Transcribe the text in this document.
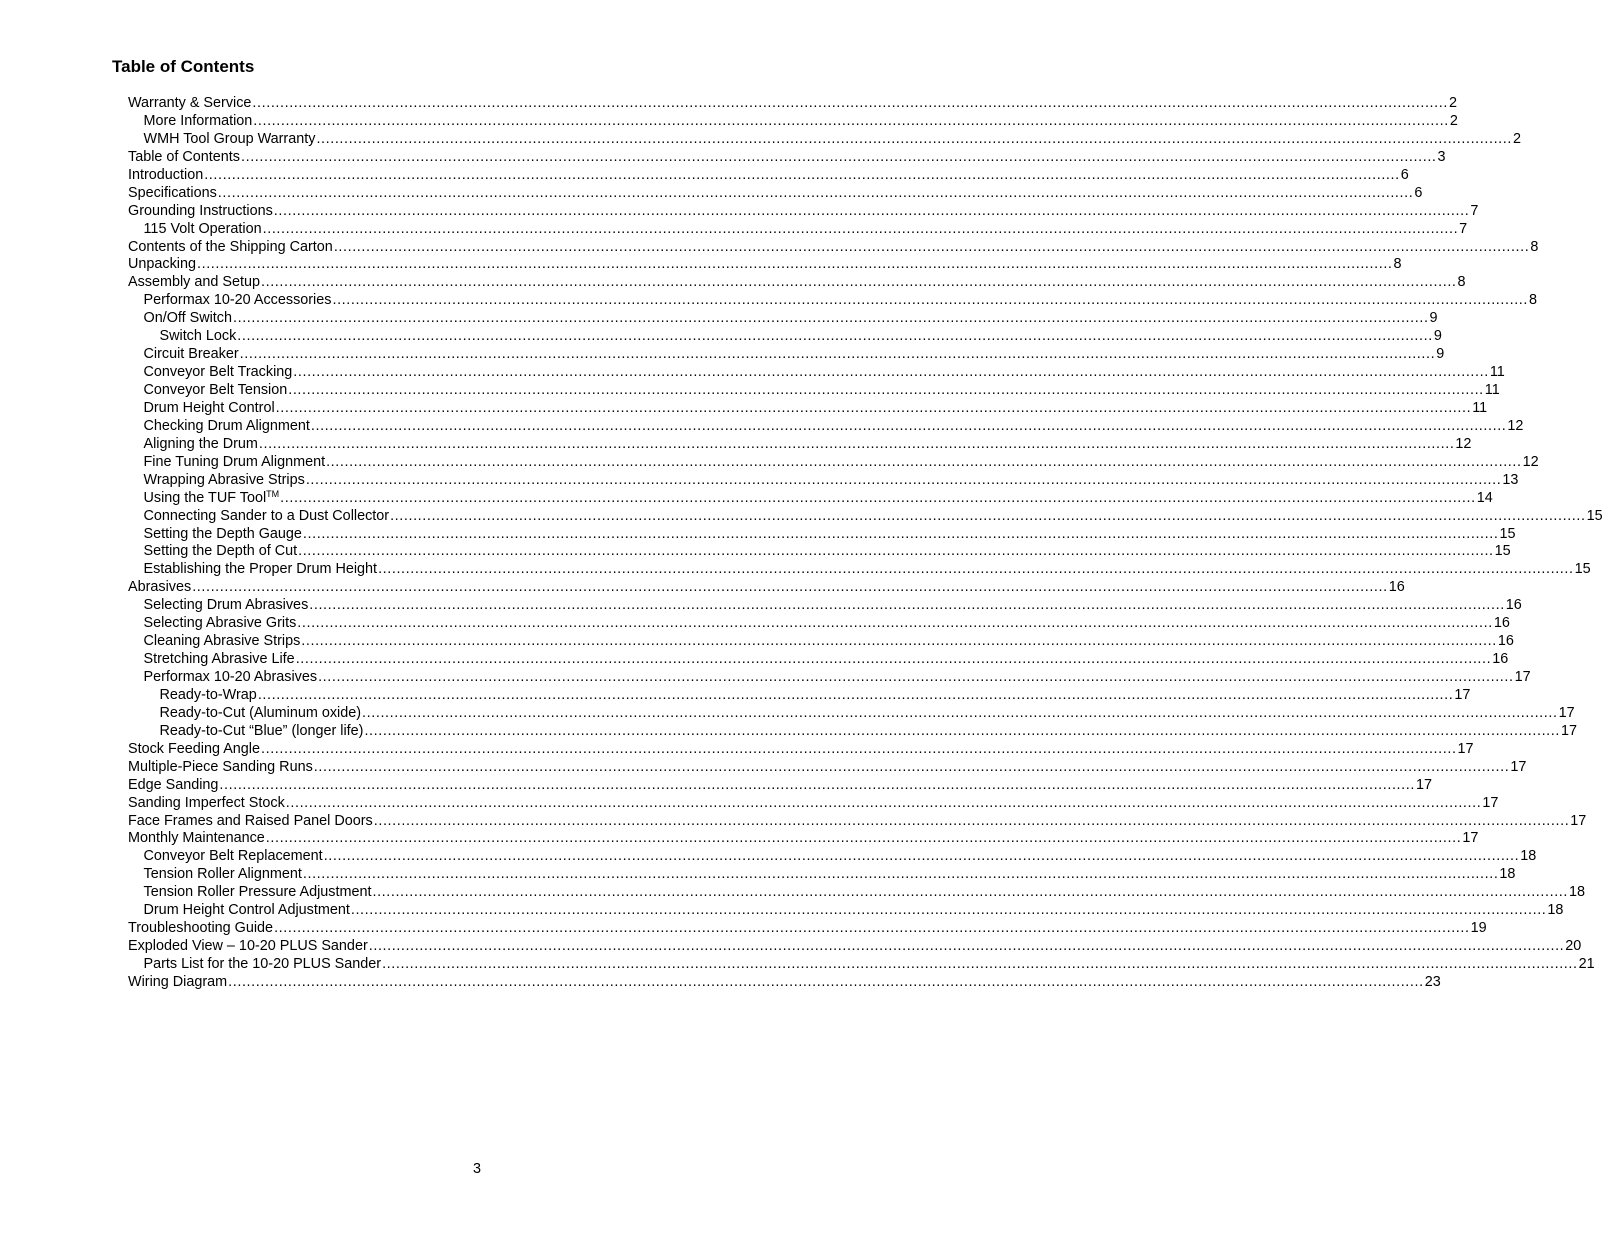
Table of Contents
Warranty & Service .................................................................................................................................................................................................................................................................... 2
More Information .................................................................................................................................................................................................................................................................... 2
WMH Tool Group Warranty .................................................................................................................................................................................................................................................................... 2
Table of Contents .................................................................................................................................................................................................................................................................... 3
Introduction .................................................................................................................................................................................................................................................................... 6
Specifications .................................................................................................................................................................................................................................................................... 6
Grounding Instructions .................................................................................................................................................................................................................................................................... 7
115 Volt Operation .................................................................................................................................................................................................................................................................... 7
Contents of the Shipping Carton .................................................................................................................................................................................................................................................................... 8
Unpacking .................................................................................................................................................................................................................................................................... 8
Assembly and Setup .................................................................................................................................................................................................................................................................... 8
Performax 10-20 Accessories .................................................................................................................................................................................................................................................................... 8
On/Off Switch .................................................................................................................................................................................................................................................................... 9
Switch Lock .................................................................................................................................................................................................................................................................... 9
Circuit Breaker .................................................................................................................................................................................................................................................................... 9
Conveyor Belt Tracking .................................................................................................................................................................................................................................................................... 11
Conveyor Belt Tension .................................................................................................................................................................................................................................................................... 11
Drum Height Control .................................................................................................................................................................................................................................................................... 11
Checking Drum Alignment .................................................................................................................................................................................................................................................................... 12
Aligning the Drum .................................................................................................................................................................................................................................................................... 12
Fine Tuning Drum Alignment .................................................................................................................................................................................................................................................................... 12
Wrapping Abrasive Strips .................................................................................................................................................................................................................................................................... 13
Using the TUF Tool™ .................................................................................................................................................................................................................................................................... 14
Connecting Sander to a Dust Collector .................................................................................................................................................................................................................................................................... 15
Setting the Depth Gauge .................................................................................................................................................................................................................................................................... 15
Setting the Depth of Cut .................................................................................................................................................................................................................................................................... 15
Establishing the Proper Drum Height .................................................................................................................................................................................................................................................................... 15
Abrasives .................................................................................................................................................................................................................................................................... 16
Selecting Drum Abrasives .................................................................................................................................................................................................................................................................... 16
Selecting Abrasive Grits .................................................................................................................................................................................................................................................................... 16
Cleaning Abrasive Strips .................................................................................................................................................................................................................................................................... 16
Stretching Abrasive Life .................................................................................................................................................................................................................................................................... 16
Performax 10-20 Abrasives .................................................................................................................................................................................................................................................................... 17
Ready-to-Wrap .................................................................................................................................................................................................................................................................... 17
Ready-to-Cut (Aluminum oxide) .................................................................................................................................................................................................................................................................... 17
Ready-to-Cut “Blue” (longer life) .................................................................................................................................................................................................................................................................... 17
Stock Feeding Angle .................................................................................................................................................................................................................................................................... 17
Multiple-Piece Sanding Runs .................................................................................................................................................................................................................................................................... 17
Edge Sanding .................................................................................................................................................................................................................................................................... 17
Sanding Imperfect Stock .................................................................................................................................................................................................................................................................... 17
Face Frames and Raised Panel Doors .................................................................................................................................................................................................................................................................... 17
Monthly Maintenance .................................................................................................................................................................................................................................................................... 17
Conveyor Belt Replacement .................................................................................................................................................................................................................................................................... 18
Tension Roller Alignment .................................................................................................................................................................................................................................................................... 18
Tension Roller Pressure Adjustment .................................................................................................................................................................................................................................................................... 18
Drum Height Control Adjustment .................................................................................................................................................................................................................................................................... 18
Troubleshooting Guide .................................................................................................................................................................................................................................................................... 19
Exploded View – 10-20 PLUS Sander .................................................................................................................................................................................................................................................................... 20
Parts List for the 10-20 PLUS Sander .................................................................................................................................................................................................................................................................... 21
Wiring Diagram .................................................................................................................................................................................................................................................................... 23
3
